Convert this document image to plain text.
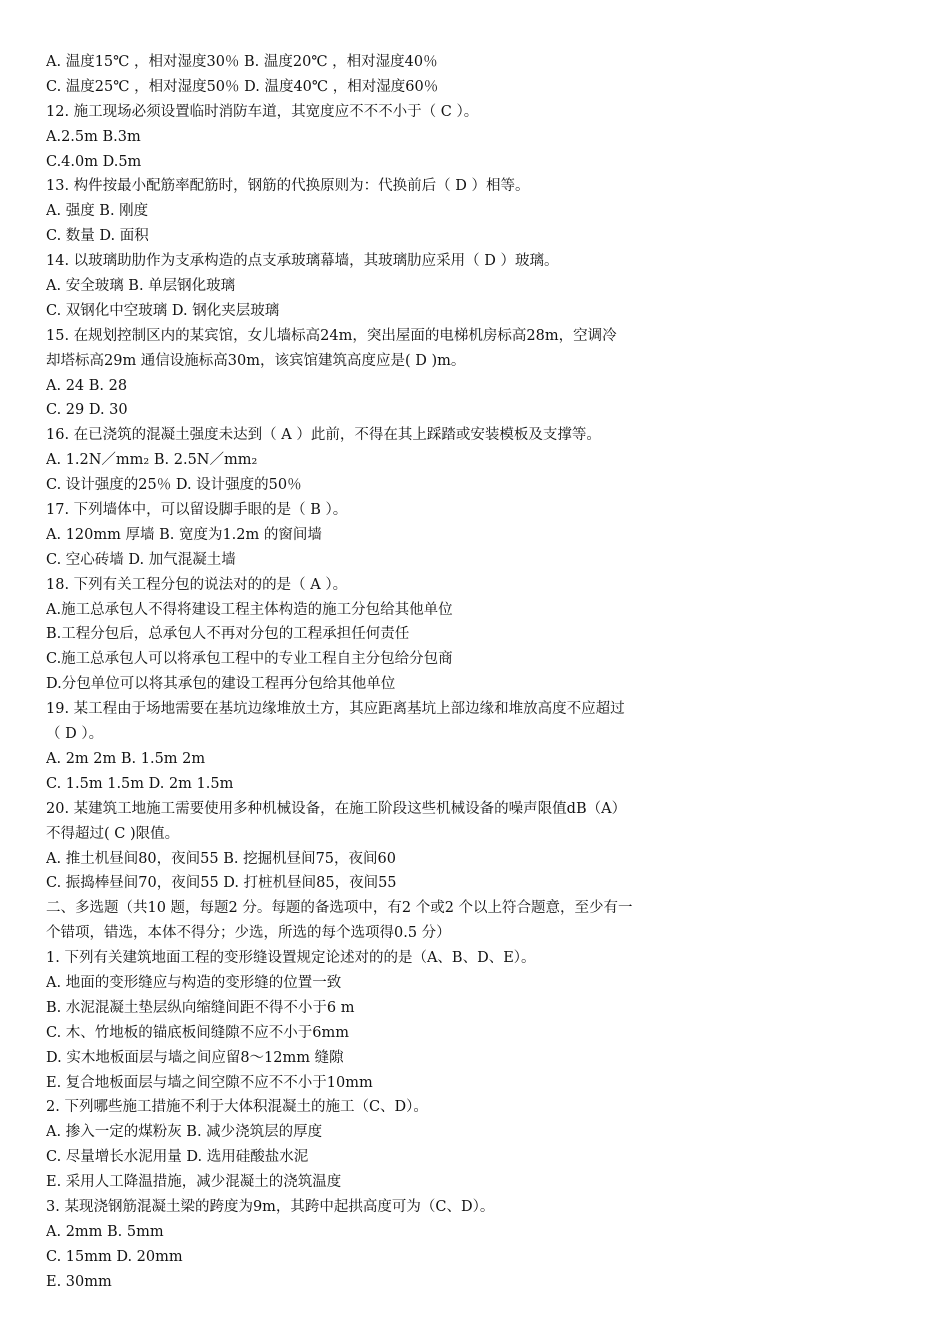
A. 温度15℃ ，相对湿度30％ B. 温度20℃ ，相对湿度40％
C. 温度25℃ ，相对湿度50％ D. 温度40℃ ，相对湿度60％
12. 施工现场必须设置临时消防车道，其宽度应不不不小于（ C ）。
A.2.5m B.3m
C.4.0m D.5m
13. 构件按最小配筋率配筋时，钢筋的代换原则为：代换前后（ D ）相等。
A. 强度 B. 刚度
C. 数量 D. 面积
14. 以玻璃助肋作为支承构造的点支承玻璃幕墙，其玻璃肋应采用（ D ）玻璃。
A. 安全玻璃 B. 单层钢化玻璃
C. 双钢化中空玻璃 D. 钢化夹层玻璃
15. 在规划控制区内的某宾馆，女儿墙标高24m，突出屋面的电梯机房标高28m，空调冷
却塔标高29m 通信设施标高30m，该宾馆建筑高度应是( D )m。
A. 24 B. 28
C. 29 D. 30
16. 在已浇筑的混凝土强度未达到（ A ）此前，不得在其上踩踏或安装模板及支撑等。
A. 1.2N／mm₂ B. 2.5N／mm₂
C. 设计强度的25％ D. 设计强度的50％
17. 下列墙体中，可以留设脚手眼的是（ B ）。
A. 120mm 厚墙 B. 宽度为1.2m 的窗间墙
C. 空心砖墙 D. 加气混凝土墙
18. 下列有关工程分包的说法对的的是（ A ）。
A.施工总承包人不得将建设工程主体构造的施工分包给其他单位
B.工程分包后，总承包人不再对分包的工程承担任何责任
C.施工总承包人可以将承包工程中的专业工程自主分包给分包商
D.分包单位可以将其承包的建设工程再分包给其他单位
19. 某工程由于场地需要在基坑边缘堆放土方，其应距离基坑上部边缘和堆放高度不应超过
（ D ）。
A. 2m 2m B. 1.5m 2m
C. 1.5m 1.5m D. 2m 1.5m
20. 某建筑工地施工需要使用多种机械设备，在施工阶段这些机械设备的噪声限值dB（A）
不得超过( C )限值。
A. 推土机昼间80，夜间55 B. 挖掘机昼间75，夜间60
C. 振捣棒昼间70，夜间55 D. 打桩机昼间85，夜间55
二、多选题（共10 题，每题2 分。每题的备选项中，有2 个或2 个以上符合题意，至少有一
个错项，错选，本体不得分；少选，所选的每个选项得0.5 分）
1. 下列有关建筑地面工程的变形缝设置规定论述对的的是（A、B、D、E）。
A. 地面的变形缝应与构造的变形缝的位置一致
B. 水泥混凝土垫层纵向缩缝间距不得不小于6 m
C. 木、竹地板的锚底板间缝隙不应不小于6mm
D. 实木地板面层与墙之间应留8～12mm 缝隙
E. 复合地板面层与墙之间空隙不应不不小于10mm
2. 下列哪些施工措施不利于大体积混凝土的施工（C、D）。
A. 掺入一定的煤粉灰 B. 减少浇筑层的厚度
C. 尽量增长水泥用量 D. 选用硅酸盐水泥
E. 采用人工降温措施，减少混凝土的浇筑温度
3. 某现浇钢筋混凝土梁的跨度为9m，其跨中起拱高度可为（C、D）。
A. 2mm B. 5mm
C. 15mm D. 20mm
E. 30mm
